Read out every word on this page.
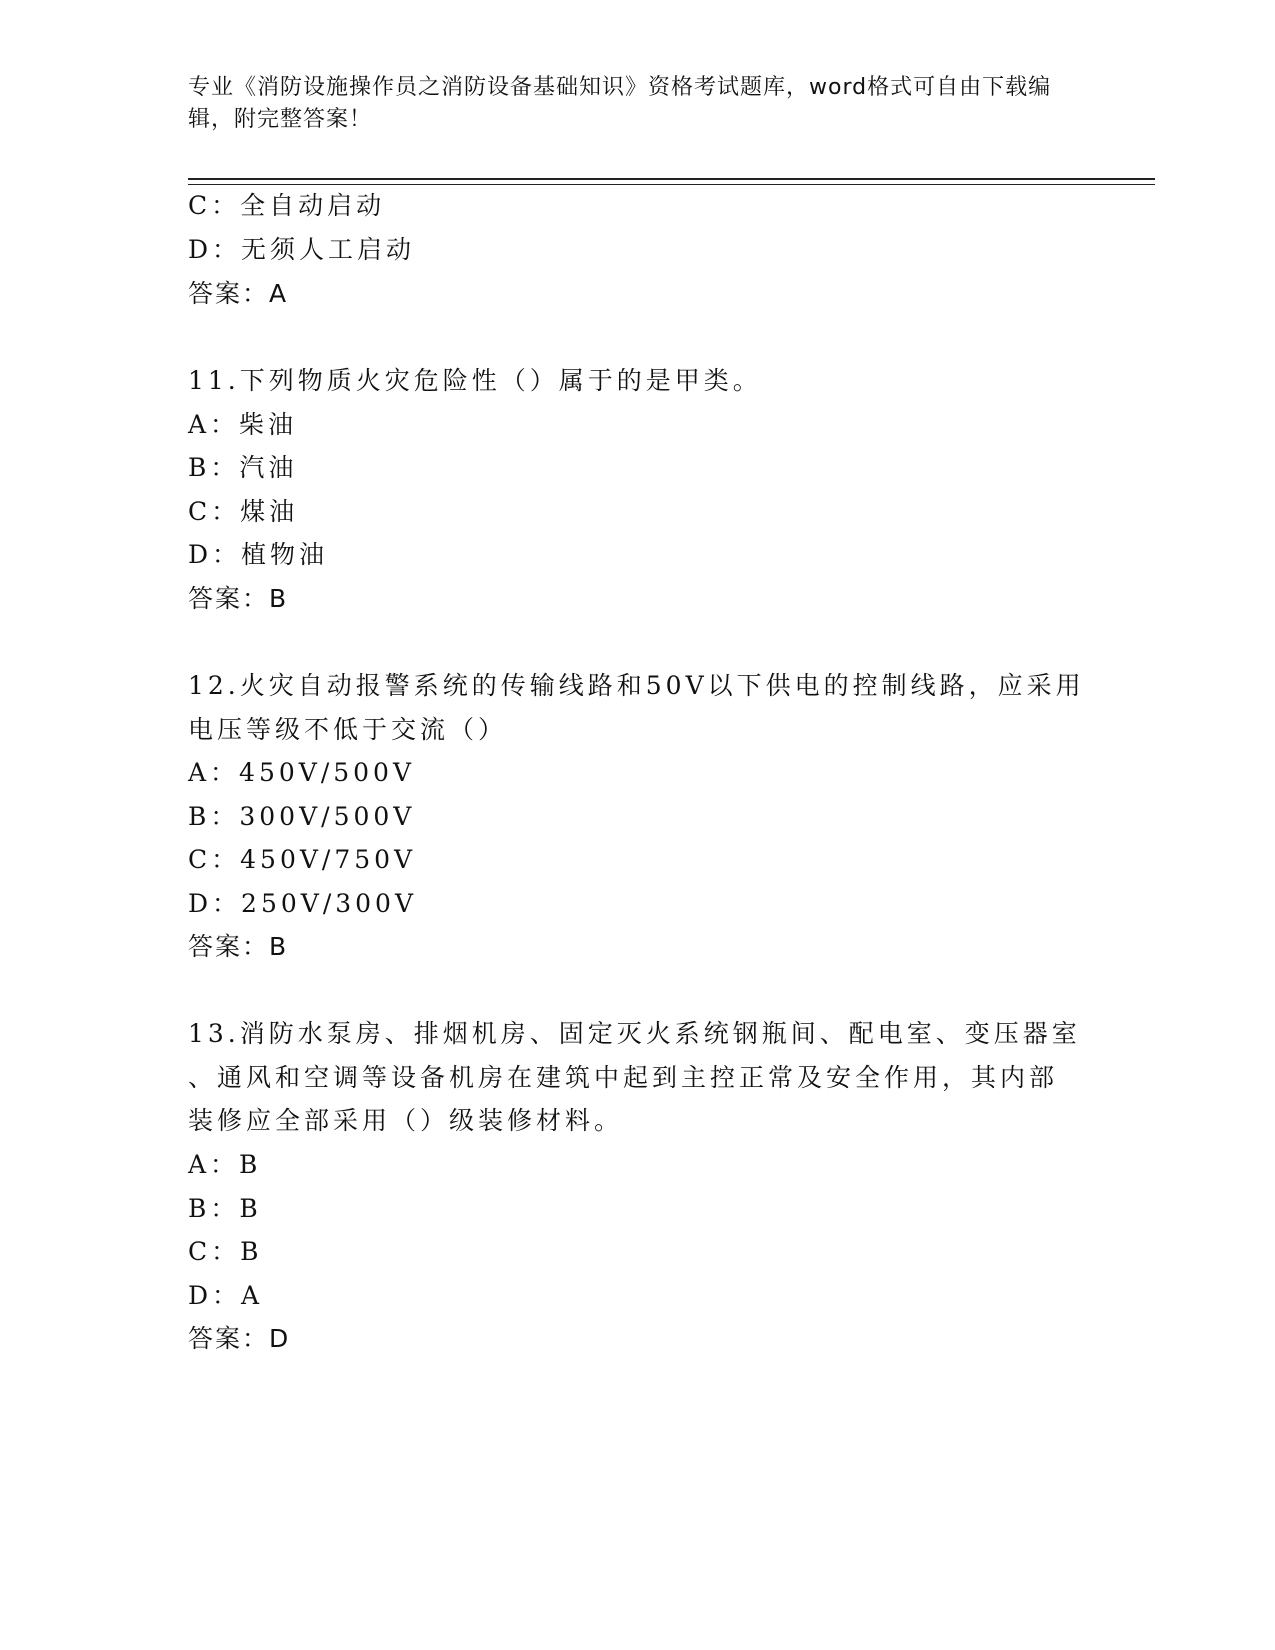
专业《消防设施操作员之消防设备基础知识》资格考试题库，word格式可自由下载编辑，附完整答案！
C：全自动启动
D：无须人工启动
答案：A
11.下列物质火灾危险性（）属于的是甲类。
A：柴油
B：汽油
C：煤油
D：植物油
答案：B
12.火灾自动报警系统的传输线路和50V以下供电的控制线路，应采用
电压等级不低于交流（）
A：450V/500V
B：300V/500V
C：450V/750V
D：250V/300V
答案：B
13.消防水泵房、排烟机房、固定灭火系统钢瓶间、配电室、变压器室
、通风和空调等设备机房在建筑中起到主控正常及安全作用，其内部
装修应全部采用（）级装修材料。
A：B
B：B
C：B
D：A
答案：D
